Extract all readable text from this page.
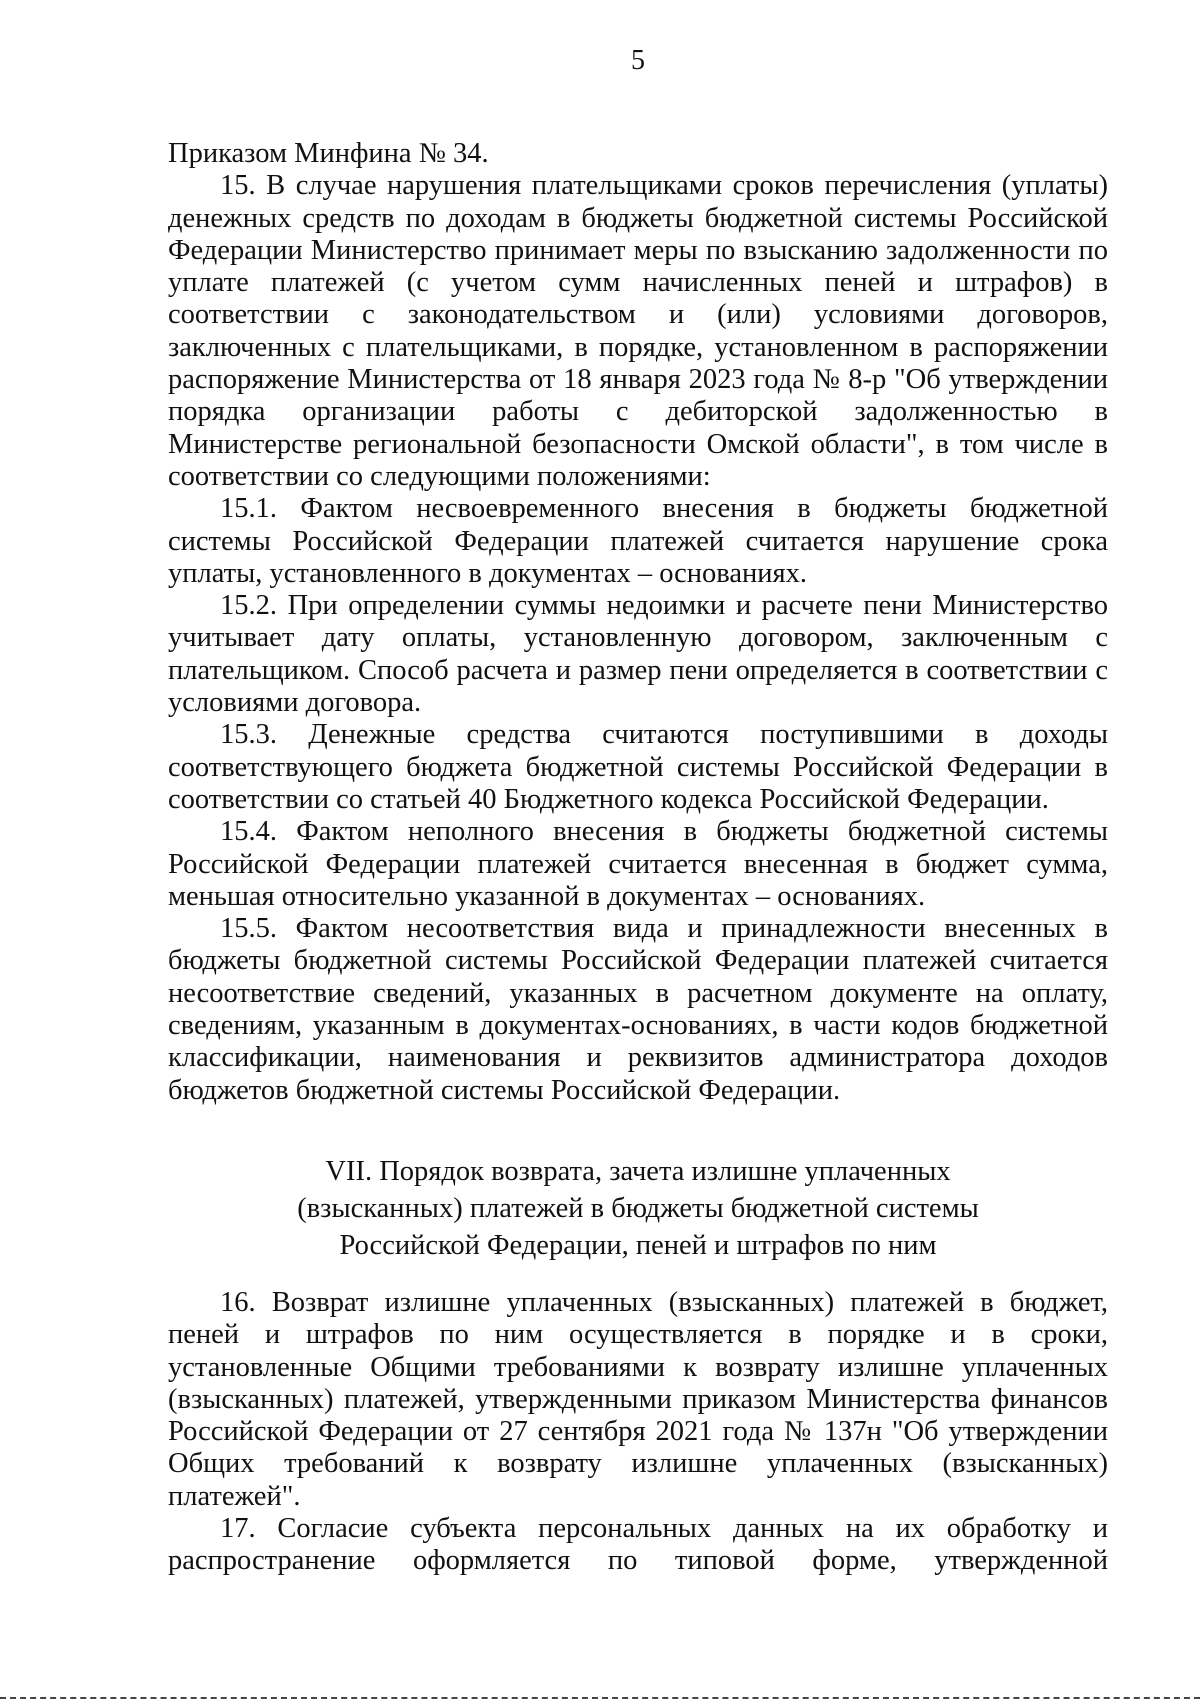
5

Приказом Минфина № 34.

15. В случае нарушения плательщиками сроков перечисления (уплаты) денежных средств по доходам в бюджеты бюджетной системы Российской Федерации Министерство принимает меры по взысканию задолженности по уплате платежей (с учетом сумм начисленных пеней и штрафов) в соответствии с законодательством и (или) условиями договоров, заключенных с плательщиками, в порядке, установленном в распоряжении распоряжение Министерства от 18 января 2023 года № 8-р "Об утверждении порядка организации работы с дебиторской задолженностью в Министерстве региональной безопасности Омской области", в том числе в соответствии со следующими положениями:

15.1. Фактом несвоевременного внесения в бюджеты бюджетной системы Российской Федерации платежей считается нарушение срока уплаты, установленного в документах – основаниях.

15.2. При определении суммы недоимки и расчете пени Министерство учитывает дату оплаты, установленную договором, заключенным с плательщиком. Способ расчета и размер пени определяется в соответствии с условиями договора.

15.3. Денежные средства считаются поступившими в доходы соответствующего бюджета бюджетной системы Российской Федерации в соответствии со статьей 40 Бюджетного кодекса Российской Федерации.

15.4. Фактом неполного внесения в бюджеты бюджетной системы Российской Федерации платежей считается внесенная в бюджет сумма, меньшая относительно указанной в документах – основаниях.

15.5. Фактом несоответствия вида и принадлежности внесенных в бюджеты бюджетной системы Российской Федерации платежей считается несоответствие сведений, указанных в расчетном документе на оплату, сведениям, указанным в документах-основаниях, в части кодов бюджетной классификации, наименования и реквизитов администратора доходов бюджетов бюджетной системы Российской Федерации.

VII. Порядок возврата, зачета излишне уплаченных
(взысканных) платежей в бюджеты бюджетной системы
Российской Федерации, пеней и штрафов по ним

16. Возврат излишне уплаченных (взысканных) платежей в бюджет, пеней и штрафов по ним осуществляется в порядке и в сроки, установленные Общими требованиями к возврату излишне уплаченных (взысканных) платежей, утвержденными приказом Министерства финансов Российской Федерации от 27 сентября 2021 года № 137н "Об утверждении Общих требований к возврату излишне уплаченных (взысканных) платежей".

17. Согласие субъекта персональных данных на их обработку и распространение оформляется по типовой форме, утвержденной
